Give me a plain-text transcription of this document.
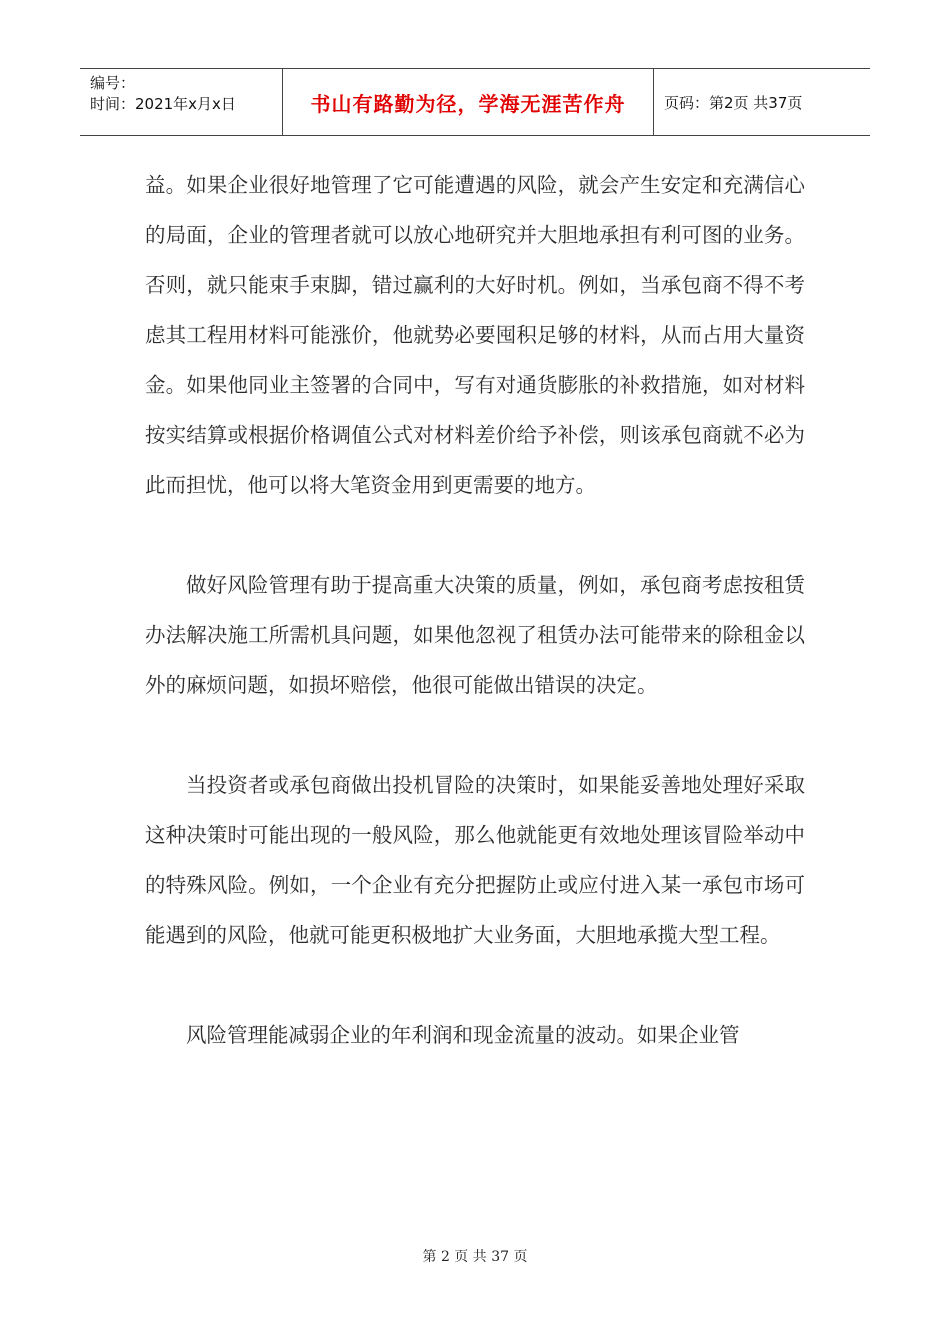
编号：
时间：2021年x月x日	书山有路勤为径，学海无涯苦作舟	页码：第2页 共37页

益。如果企业很好地管理了它可能遭遇的风险，就会产生安定和充满信心的局面，企业的管理者就可以放心地研究并大胆地承担有利可图的业务。否则，就只能束手束脚，错过赢利的大好时机。例如，当承包商不得不考虑其工程用材料可能涨价，他就势必要囤积足够的材料，从而占用大量资金。如果他同业主签署的合同中，写有对通货膨胀的补救措施，如对材料按实结算或根据价格调值公式对材料差价给予补偿，则该承包商就不必为此而担忧，他可以将大笔资金用到更需要的地方。

做好风险管理有助于提高重大决策的质量，例如，承包商考虑按租赁办法解决施工所需机具问题，如果他忽视了租赁办法可能带来的除租金以外的麻烦问题，如损坏赔偿，他很可能做出错误的决定。

当投资者或承包商做出投机冒险的决策时，如果能妥善地处理好采取这种决策时可能出现的一般风险，那么他就能更有效地处理该冒险举动中的特殊风险。例如，一个企业有充分把握防止或应付进入某一承包市场可能遇到的风险，他就可能更积极地扩大业务面，大胆地承揽大型工程。

风险管理能减弱企业的年利润和现金流量的波动。如果企业管

第 2 页 共 37 页
